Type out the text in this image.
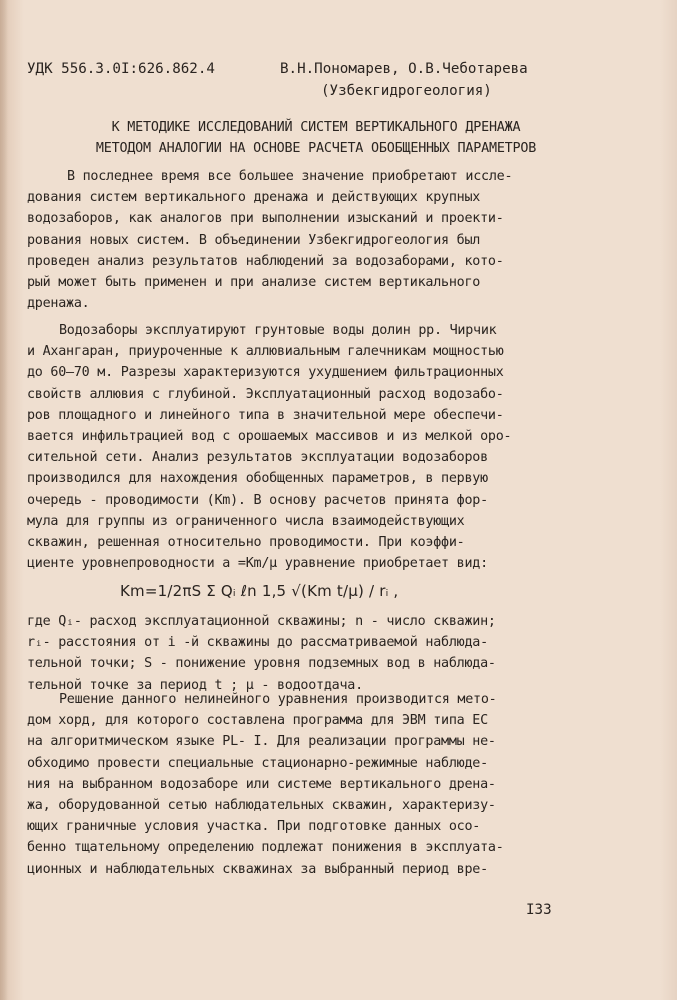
УДК 556.3.0I:626.862.4	В.Н.Пономарев, О.В.Чеботарева
(Узбекгидрогеология)
К МЕТОДИКЕ ИССЛЕДОВАНИЙ СИСТЕМ ВЕРТИКАЛЬНОГО ДРЕНАЖА
МЕТОДОМ АНАЛОГИИ НА ОСНОВЕ РАСЧЕТА ОБОБЩЕННЫХ ПАРАМЕТРОВ
В последнее время все большее значение приобретают иссле-
дования систем вертикального дренажа и действующих крупных
водозаборов, как аналогов при выполнении изысканий и проекти-
рования новых систем. В объединении Узбекгидрогеология был
проведен анализ результатов наблюдений за водозаборами, кото-
рый может быть применен и при анализе систем вертикального
дренажа.
Водозаборы эксплуатируют грунтовые воды долин рр. Чирчик
и Ахангаран, приуроченные к аллювиальным галечникам мощностью
до 60–70 м. Разрезы характеризуются ухудшением фильтрационных
свойств аллювия с глубиной. Эксплуатационный расход водозабо-
ров площадного и линейного типа в значительной мере обеспечи-
вается инфильтрацией вод с орошаемых массивов и из мелкой оро-
сительной сети. Анализ результатов эксплуатации водозаборов
производился для нахождения обобщенных параметров, в первую
очередь - проводимости (Km). В основу расчетов принята фор-
мула для группы из ограниченного числа взаимодействующих
скважин, решенная относительно проводимости. При коэффи-
циенте уровнепроводности a =Km/μ уравнение приобретает вид:
Km=1/2πS Σ Qᵢ ℓn 1,5 √(Km t/μ) / rᵢ ,
где Qᵢ- расход эксплуатационной скважины; n - число скважин;
rᵢ- расстояния от i -й скважины до рассматриваемой наблюда-
тельной точки; S - понижение уровня подземных вод в наблюда-
тельной точке за период t ; μ - водоотдача.
Решение данного нелинейного уравнения производится мето-
дом хорд, для которого составлена программа для ЭВМ типа ЕС
на алгоритмическом языке PL- I. Для реализации программы не-
обходимо провести специальные стационарно-режимные наблюде-
ния на выбранном водозаборе или системе вертикального дрена-
жа, оборудованной сетью наблюдательных скважин, характеризу-
ющих граничные условия участка. При подготовке данных осо-
бенно тщательному определению подлежат понижения в эксплуата-
ционных и наблюдательных скважинах за выбранный период вре-
I33
